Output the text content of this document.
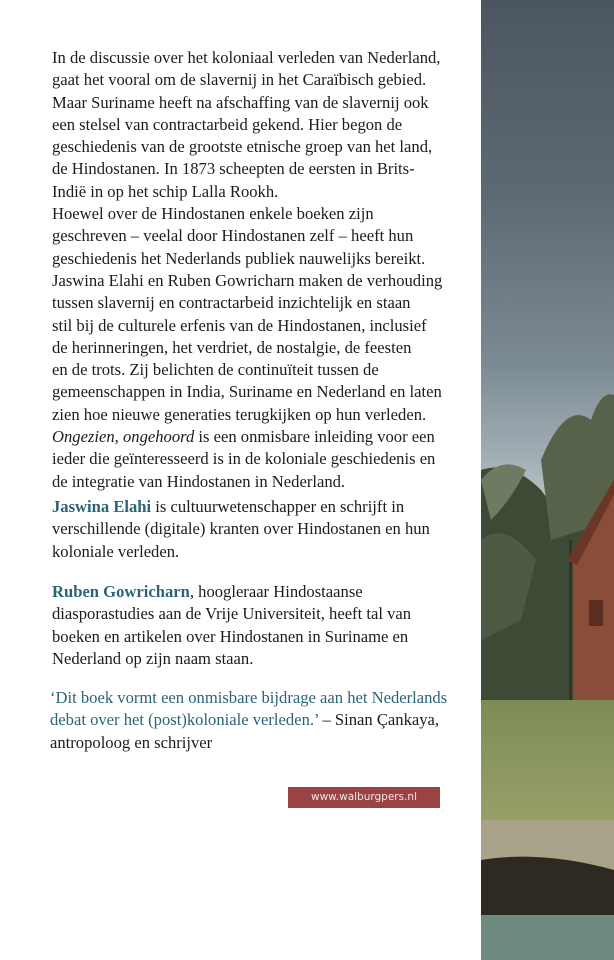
In de discussie over het koloniaal verleden van Nederland,
gaat het vooral om de slavernij in het Caraïbisch gebied.
Maar Suriname heeft na afschaffing van de slavernij ook
een stelsel van contractarbeid gekend. Hier begon de
geschiedenis van de grootste etnische groep van het land,
de Hindostanen. In 1873 scheepten de eersten in Brits-
Indië in op het schip Lalla Rookh.
Hoewel over de Hindostanen enkele boeken zijn
geschreven – veelal door Hindostanen zelf – heeft hun
geschiedenis het Nederlands publiek nauwelijks bereikt.
Jaswina Elahi en Ruben Gowricharn maken de verhouding
tussen slavernij en contractarbeid inzichtelijk en staan
stil bij de culturele erfenis van de Hindostanen, inclusief
de herinneringen, het verdriet, de nostalgie, de feesten
en de trots. Zij belichten de continuïteit tussen de
gemeenschappen in India, Suriname en Nederland en laten
zien hoe nieuwe generaties terugkijken op hun verleden.
Ongezien, ongehoord is een onmisbare inleiding voor een
ieder die geïnteresseerd is in de koloniale geschiedenis en
de integratie van Hindostanen in Nederland.
Jaswina Elahi is cultuurwetenschapper en schrijft in
verschillende (digitale) kranten over Hindostanen en hun
koloniale verleden.
Ruben Gowricharn, hoogleraar Hindostaanse
diasporastudies aan de Vrije Universiteit, heeft tal van
boeken en artikelen over Hindostanen in Suriname en
Nederland op zijn naam staan.
‘Dit boek vormt een onmisbare bijdrage aan het Nederlands
debat over het (post)koloniale verleden.’ – Sinan Çankaya,
antropoloog en schrijver
www.walburgpers.nl
